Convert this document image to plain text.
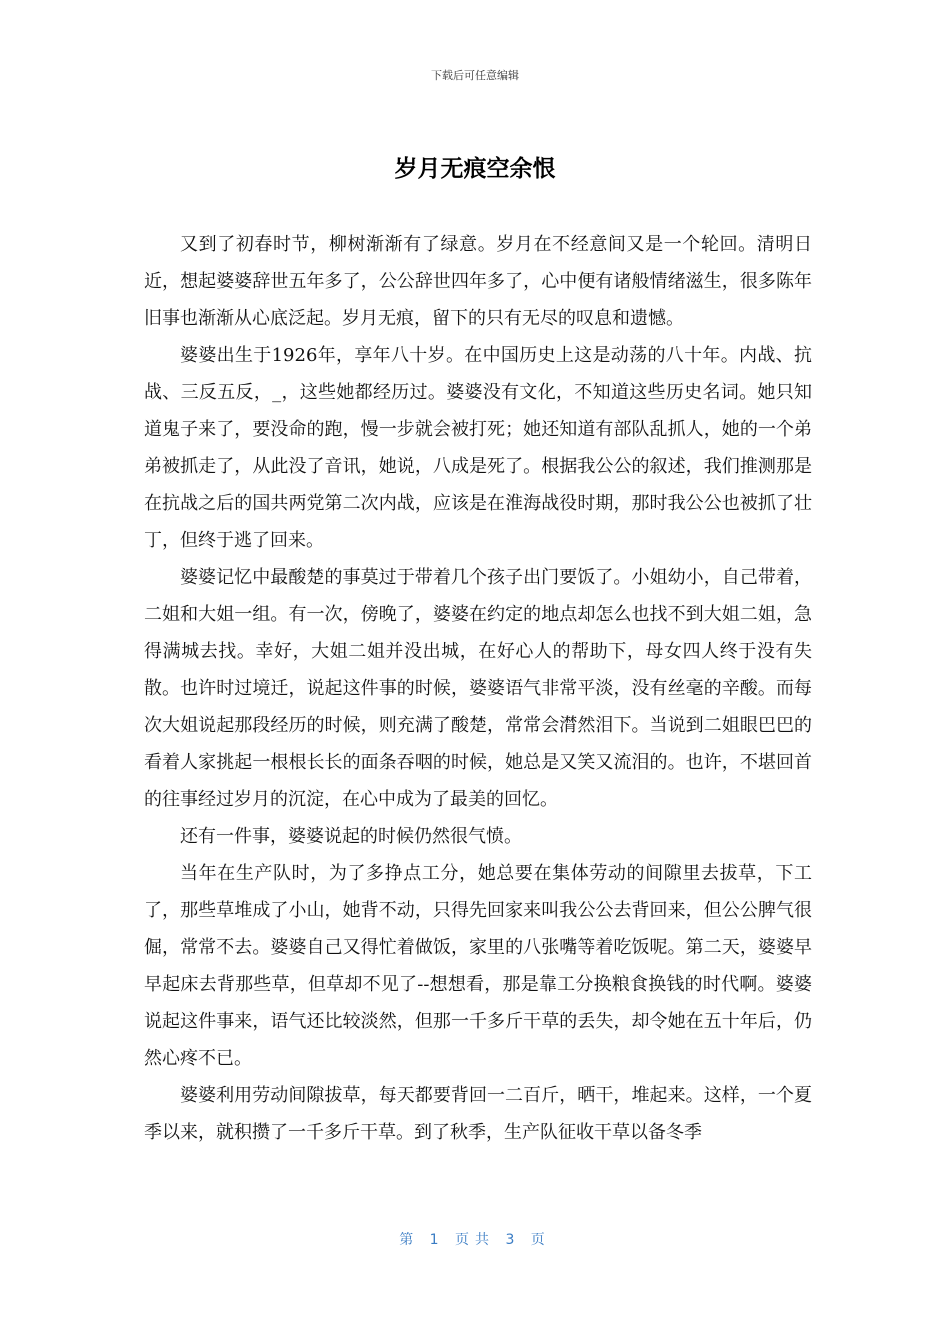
下载后可任意编辑
岁月无痕空余恨

又到了初春时节，柳树渐渐有了绿意。岁月在不经意间又是一个轮回。清明日近，想起婆婆辞世五年多了，公公辞世四年多了，心中便有诸般情绪滋生，很多陈年旧事也渐渐从心底泛起。岁月无痕，留下的只有无尽的叹息和遗憾。

婆婆出生于1926年，享年八十岁。在中国历史上这是动荡的八十年。内战、抗战、三反五反，_，这些她都经历过。婆婆没有文化，不知道这些历史名词。她只知道鬼子来了，要没命的跑，慢一步就会被打死；她还知道有部队乱抓人，她的一个弟弟被抓走了，从此没了音讯，她说，八成是死了。根据我公公的叙述，我们推测那是在抗战之后的国共两党第二次内战，应该是在淮海战役时期，那时我公公也被抓了壮丁，但终于逃了回来。

婆婆记忆中最酸楚的事莫过于带着几个孩子出门要饭了。小姐幼小，自己带着，二姐和大姐一组。有一次，傍晚了，婆婆在约定的地点却怎么也找不到大姐二姐，急得满城去找。幸好，大姐二姐并没出城，在好心人的帮助下，母女四人终于没有失散。也许时过境迁，说起这件事的时候，婆婆语气非常平淡，没有丝毫的辛酸。而每次大姐说起那段经历的时候，则充满了酸楚，常常会潸然泪下。当说到二姐眼巴巴的看着人家挑起一根根长长的面条吞咽的时候，她总是又笑又流泪的。也许，不堪回首的往事经过岁月的沉淀，在心中成为了最美的回忆。

还有一件事，婆婆说起的时候仍然很气愤。

当年在生产队时，为了多挣点工分，她总要在集体劳动的间隙里去拔草，下工了，那些草堆成了小山，她背不动，只得先回家来叫我公公去背回来，但公公脾气很倔，常常不去。婆婆自己又得忙着做饭，家里的八张嘴等着吃饭呢。第二天，婆婆早早起床去背那些草，但草却不见了--想想看，那是靠工分换粮食换钱的时代啊。婆婆说起这件事来，语气还比较淡然，但那一千多斤干草的丢失，却令她在五十年后，仍然心疼不已。

婆婆利用劳动间隙拔草，每天都要背回一二百斤，晒干，堆起来。这样，一个夏季以来，就积攒了一千多斤干草。到了秋季，生产队征收干草以备冬季

第 1 页共 3 页
